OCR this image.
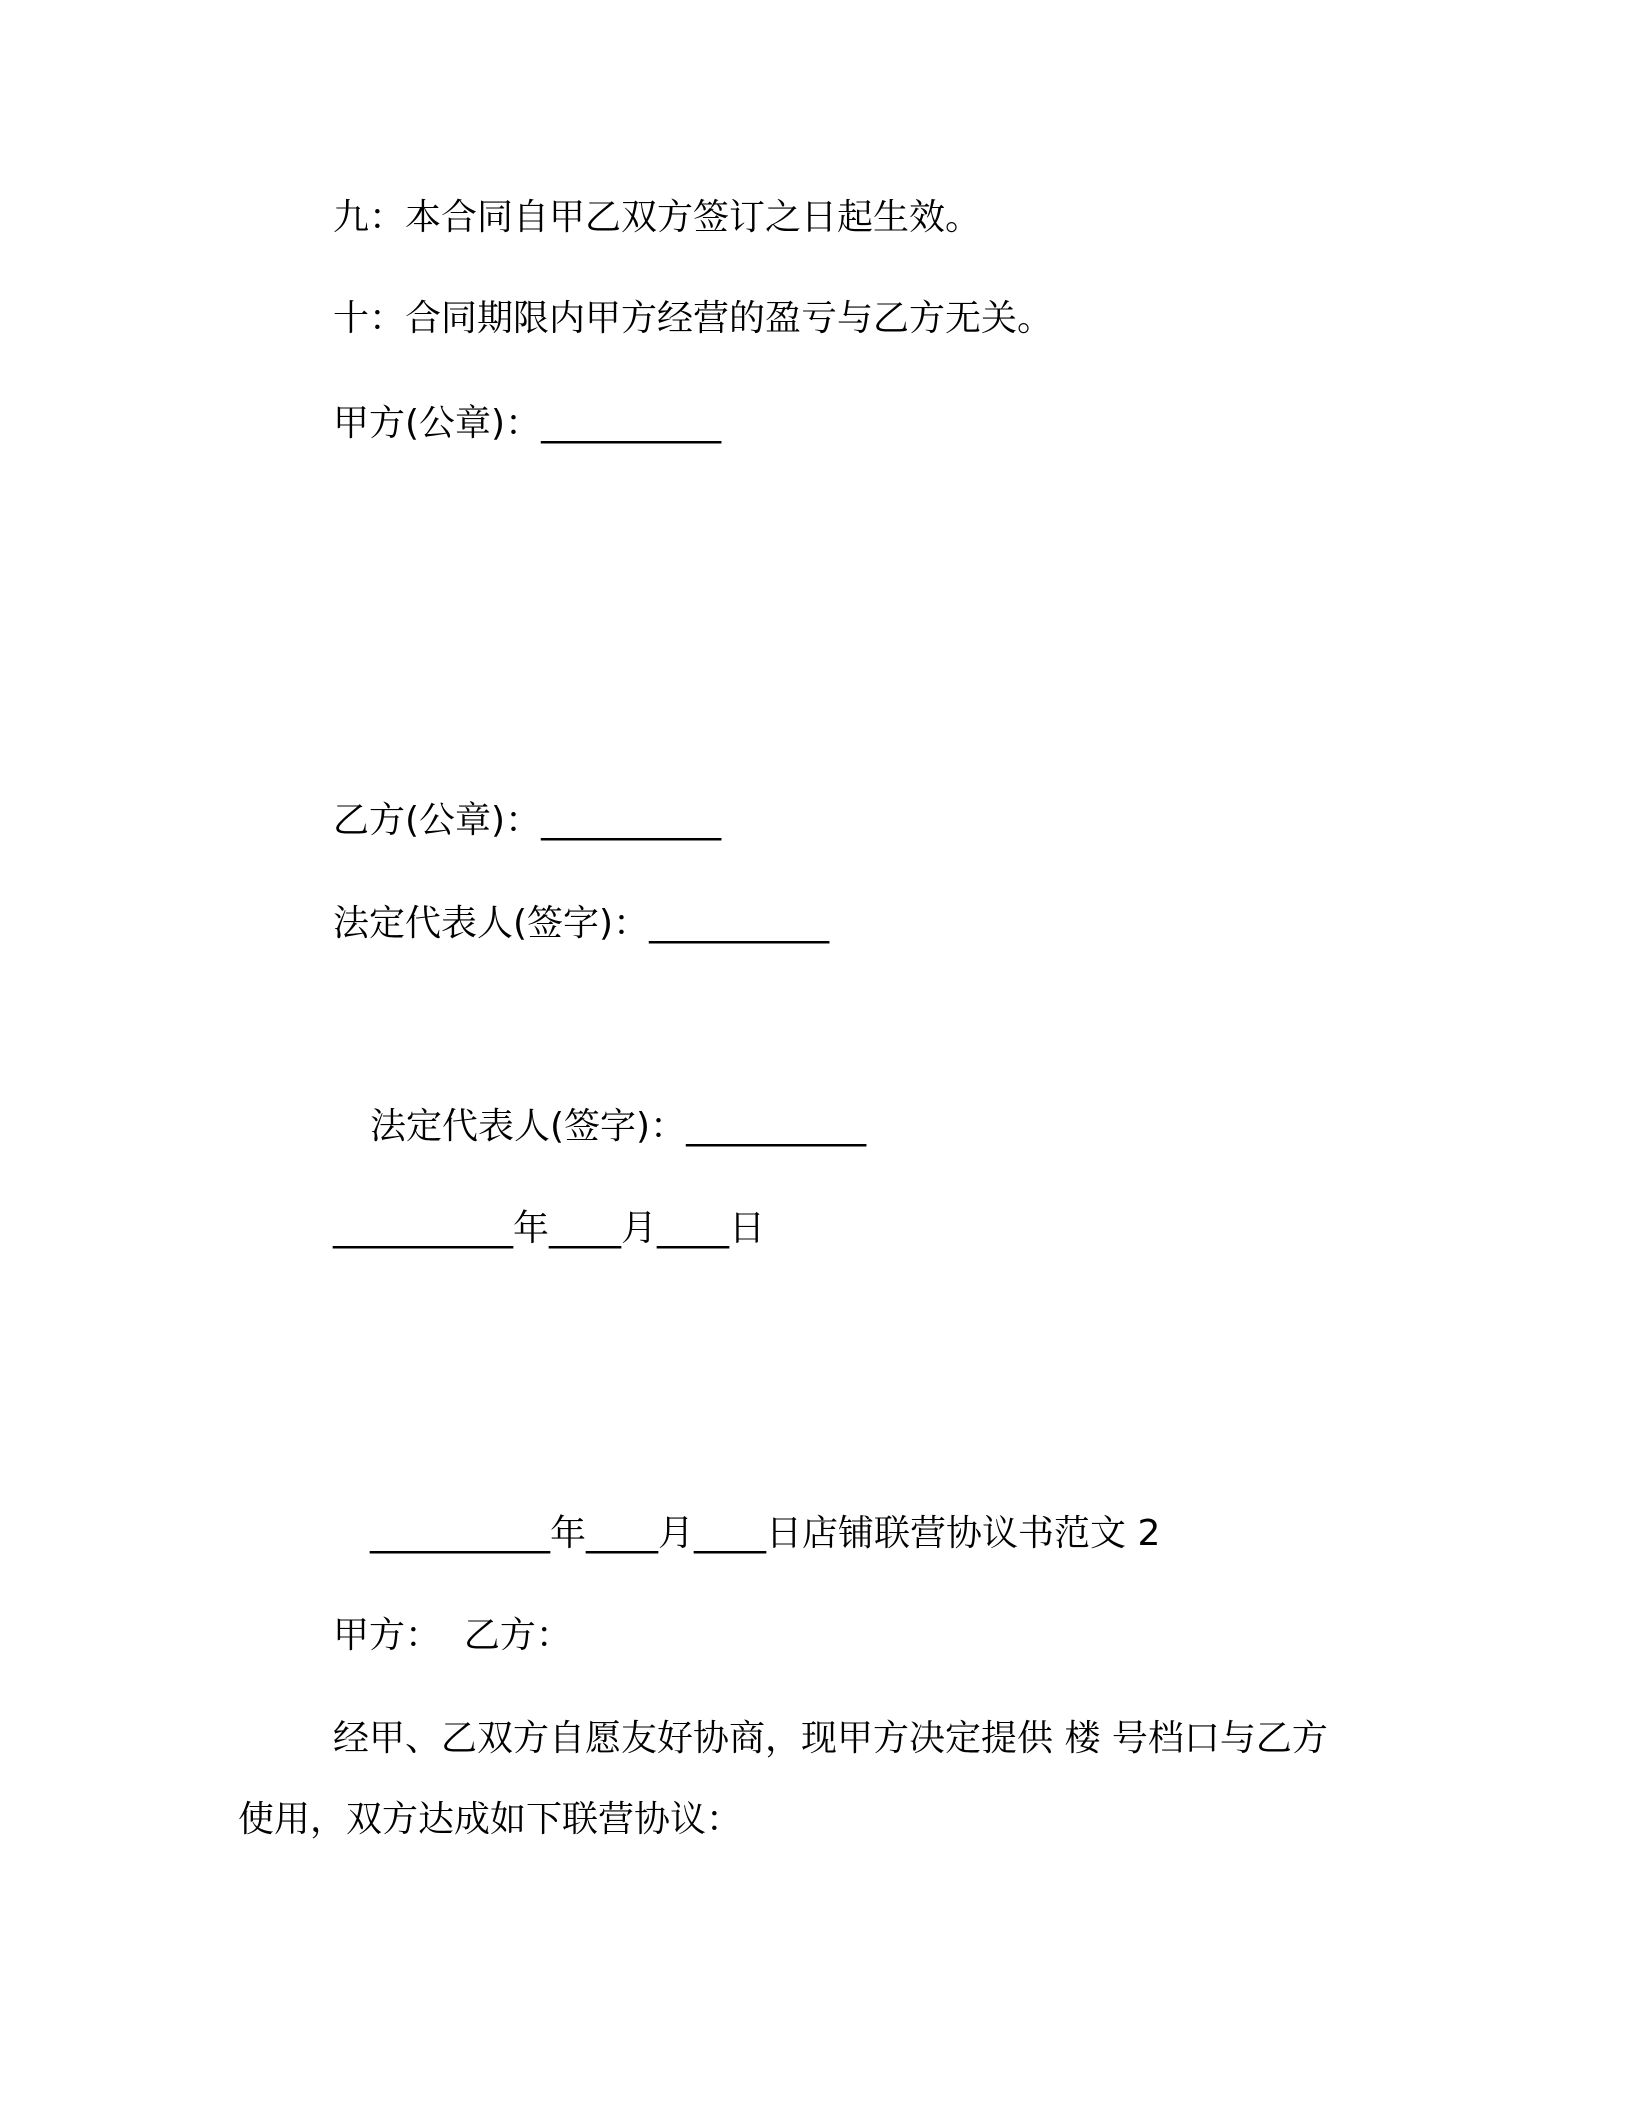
九：本合同自甲乙双方签订之日起生效。
十：合同期限内甲方经营的盈亏与乙方无关。
甲方(公章)：__________
乙方(公章)：__________
法定代表人(签字)：__________
法定代表人(签字)：__________
__________年____月____日
__________年____月____日店铺联营协议书范文 2
甲方：  乙方：
经甲、乙双方自愿友好协商，现甲方决定提供 楼 号档口与乙方
使用，双方达成如下联营协议：
